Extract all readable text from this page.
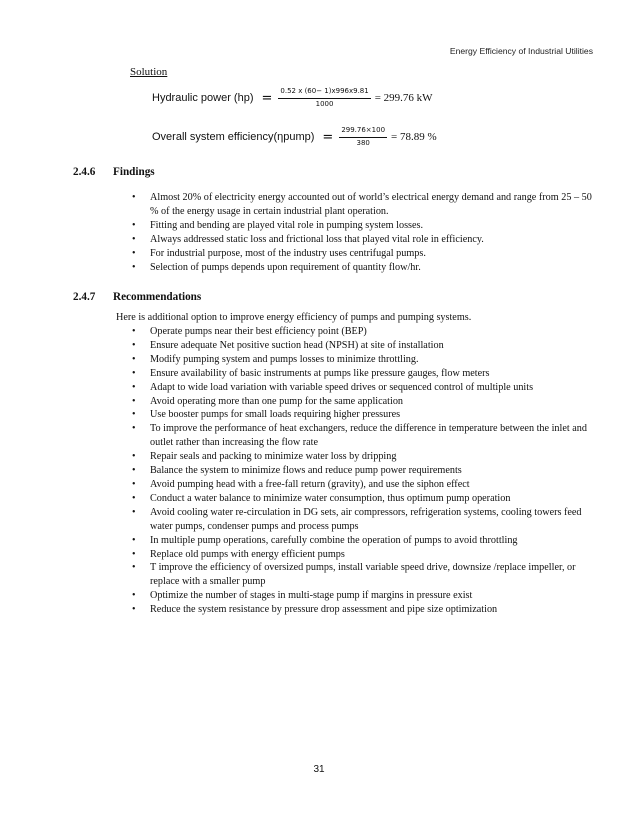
Energy Efficiency of Industrial Utilities
Solution
Hydraulic power $(hp) = \frac{0.52 x (60- 1)x996x9.81}{1000} = 299.76$ kW
Overall system efficiency(ηpump) = $\frac{299.76\times 100}{380} = 78.89$ %
2.4.6 Findings
• Almost 20% of electricity energy accounted out of world’s electrical energy demand and range from 25 – 50 % of the energy usage in certain industrial plant operation.
• Fitting and bending are played vital role in pumping system losses.
• Always addressed static loss and frictional loss that played vital role in efficiency.
• For industrial purpose, most of the industry uses centrifugal pumps.
• Selection of pumps depends upon requirement of quantity flow/hr.
2.4.7 Recommendations
Here is additional option to improve energy efficiency of pumps and pumping systems.
• Operate pumps near their best efficiency point (BEP)
• Ensure adequate Net positive suction head (NPSH) at site of installation
• Modify pumping system and pumps losses to minimize throttling.
• Ensure availability of basic instruments at pumps like pressure gauges, flow meters
• Adapt to wide load variation with variable speed drives or sequenced control of multiple units
• Avoid operating more than one pump for the same application
• Use booster pumps for small loads requiring higher pressures
• To improve the performance of heat exchangers, reduce the difference in temperature between the inlet and outlet rather than increasing the flow rate
• Repair seals and packing to minimize water loss by dripping
• Balance the system to minimize flows and reduce pump power requirements
• Avoid pumping head with a free-fall return (gravity), and use the siphon effect
• Conduct a water balance to minimize water consumption, thus optimum pump operation
• Avoid cooling water re-circulation in DG sets, air compressors, refrigeration systems, cooling towers feed water pumps, condenser pumps and process pumps
• In multiple pump operations, carefully combine the operation of pumps to avoid throttling
• Replace old pumps with energy efficient pumps
• T improve the efficiency of oversized pumps, install variable speed drive, downsize /replace impeller, or replace with a smaller pump
• Optimize the number of stages in multi-stage pump if margins in pressure exist
• Reduce the system resistance by pressure drop assessment and pipe size optimization
31
